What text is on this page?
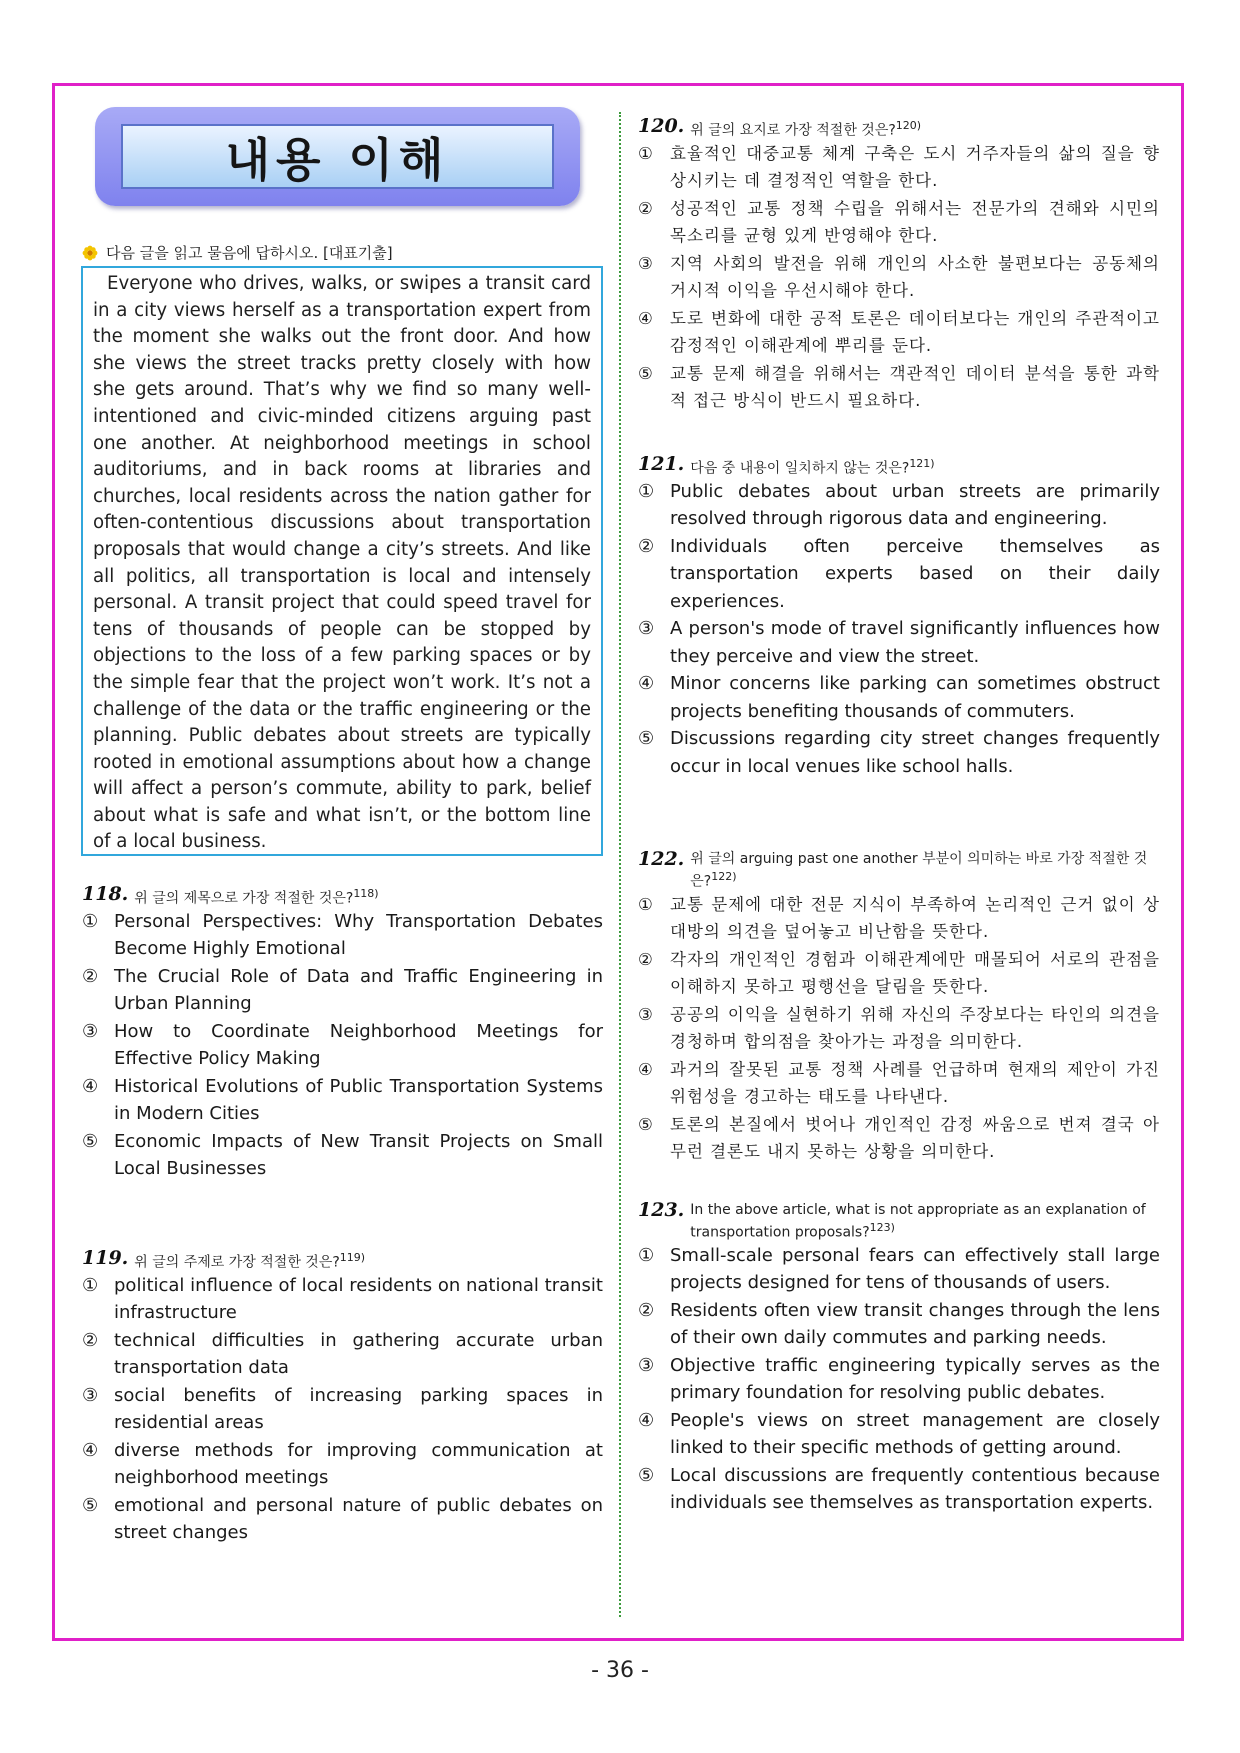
내용 이해
다음 글을 읽고 물음에 답하시오. [대표기출]
Everyone who drives, walks, or swipes a transit card in a city views herself as a transportation expert from the moment she walks out the front door. And how she views the street tracks pretty closely with how she gets around. That’s why we find so many well-intentioned and civic-minded citizens arguing past one another. At neighborhood meetings in school auditoriums, and in back rooms at libraries and churches, local residents across the nation gather for often-contentious discussions about transportation proposals that would change a city’s streets. And like all politics, all transportation is local and intensely personal. A transit project that could speed travel for tens of thousands of people can be stopped by objections to the loss of a few parking spaces or by the simple fear that the project won’t work. It’s not a challenge of the data or the traffic engineering or the planning. Public debates about streets are typically rooted in emotional assumptions about how a change will affect a person’s commute, ability to park, belief about what is safe and what isn’t, or the bottom line of a local business.
118. 위 글의 제목으로 가장 적절한 것은?$^{118)}$
① Personal Perspectives: Why Transportation Debates Become Highly Emotional
② The Crucial Role of Data and Traffic Engineering in Urban Planning
③ How to Coordinate Neighborhood Meetings for Effective Policy Making
④ Historical Evolutions of Public Transportation Systems in Modern Cities
⑤ Economic Impacts of New Transit Projects on Small Local Businesses
119. 위 글의 주제로 가장 적절한 것은?$^{119)}$
① political influence of local residents on national transit infrastructure
② technical difficulties in gathering accurate urban transportation data
③ social benefits of increasing parking spaces in residential areas
④ diverse methods for improving communication at neighborhood meetings
⑤ emotional and personal nature of public debates on street changes
120. 위 글의 요지로 가장 적절한 것은?$^{120)}$
① 효율적인 대중교통 체계 구축은 도시 거주자들의 삶의 질을 향상시키는 데 결정적인 역할을 한다.
② 성공적인 교통 정책 수립을 위해서는 전문가의 견해와 시민의 목소리를 균형 있게 반영해야 한다.
③ 지역 사회의 발전을 위해 개인의 사소한 불편보다는 공동체의 거시적 이익을 우선시해야 한다.
④ 도로 변화에 대한 공적 토론은 데이터보다는 개인의 주관적이고 감정적인 이해관계에 뿌리를 둔다.
⑤ 교통 문제 해결을 위해서는 객관적인 데이터 분석을 통한 과학적 접근 방식이 반드시 필요하다.
121. 다음 중 내용이 일치하지 않는 것은?$^{121)}$
① Public debates about urban streets are primarily resolved through rigorous data and engineering.
② Individuals often perceive themselves as transportation experts based on their daily experiences.
③ A person's mode of travel significantly influences how they perceive and view the street.
④ Minor concerns like parking can sometimes obstruct projects benefiting thousands of commuters.
⑤ Discussions regarding city street changes frequently occur in local venues like school halls.
122. 위 글의 arguing past one another 부분이 의미하는 바로 가장 적절한 것은?$^{122)}$
① 교통 문제에 대한 전문 지식이 부족하여 논리적인 근거 없이 상대방의 의견을 덮어놓고 비난함을 뜻한다.
② 각자의 개인적인 경험과 이해관계에만 매몰되어 서로의 관점을 이해하지 못하고 평행선을 달림을 뜻한다.
③ 공공의 이익을 실현하기 위해 자신의 주장보다는 타인의 의견을 경청하며 합의점을 찾아가는 과정을 의미한다.
④ 과거의 잘못된 교통 정책 사례를 언급하며 현재의 제안이 가진 위험성을 경고하는 태도를 나타낸다.
⑤ 토론의 본질에서 벗어나 개인적인 감정 싸움으로 번져 결국 아무런 결론도 내지 못하는 상황을 의미한다.
123. In the above article, what is not appropriate as an explanation of transportation proposals?$^{123)}$
① Small-scale personal fears can effectively stall large projects designed for tens of thousands of users.
② Residents often view transit changes through the lens of their own daily commutes and parking needs.
③ Objective traffic engineering typically serves as the primary foundation for resolving public debates.
④ People's views on street management are closely linked to their specific methods of getting around.
⑤ Local discussions are frequently contentious because individuals see themselves as transportation experts.
- 36 -
